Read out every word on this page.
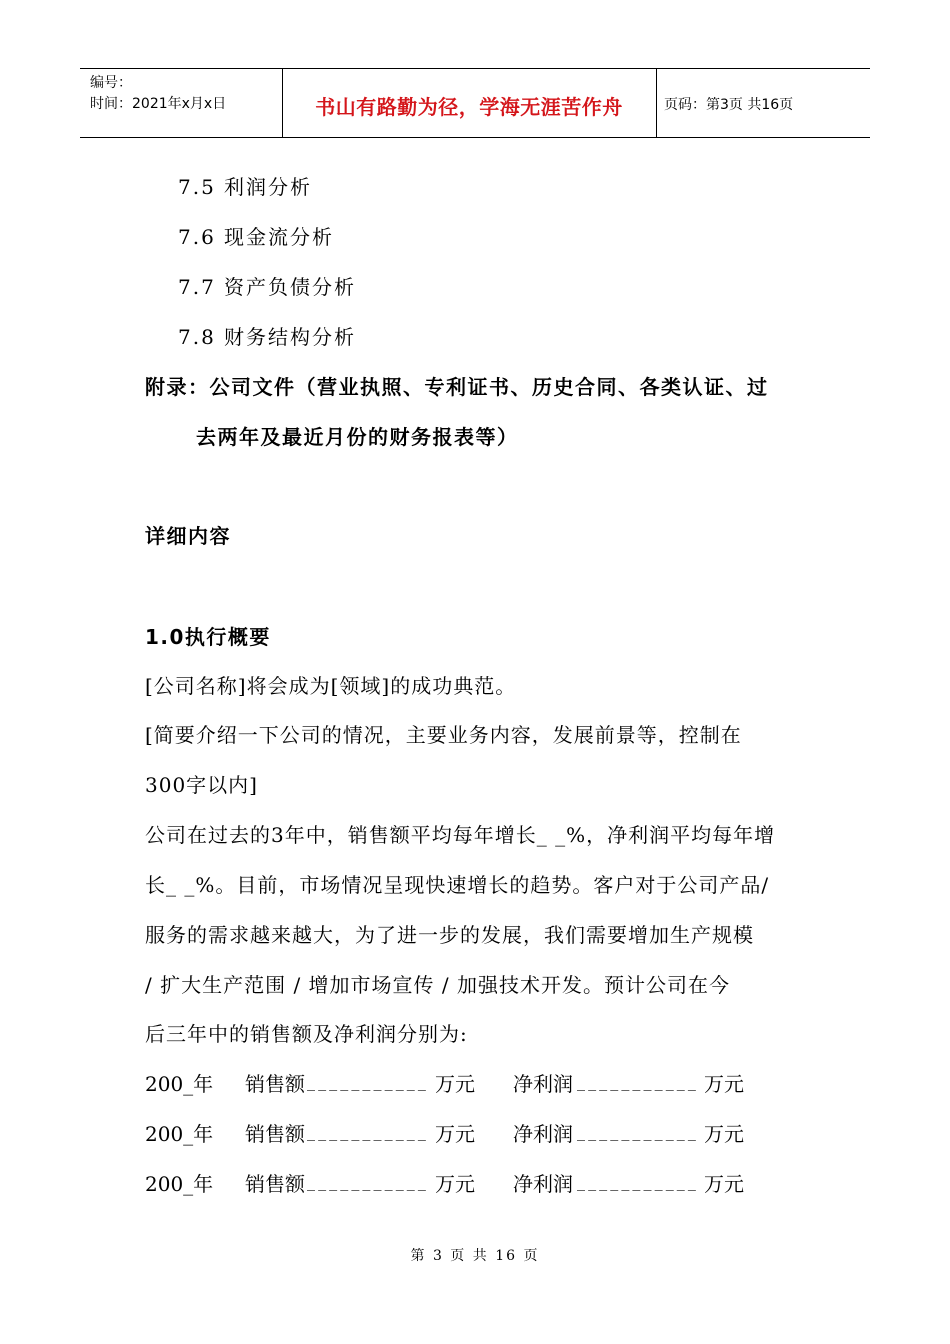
编号：
时间：2021年x月x日	书山有路勤为径，学海无涯苦作舟	页码：第3页 共16页
7.5 利润分析
7.6 现金流分析
7.7 资产负债分析
7.8 财务结构分析
附录：公司文件（营业执照、专利证书、历史合同、各类认证、过
去两年及最近月份的财务报表等）
详细内容
1.0执行概要
[公司名称]将会成为[领域]的成功典范。
[简要介绍一下公司的情况，主要业务内容，发展前景等，控制在
300字以内]
公司在过去的3年中，销售额平均每年增长_ _%，净利润平均每年增
长_ _%。目前，市场情况呈现快速增长的趋势。客户对于公司产品/
服务的需求越来越大，为了进一步的发展，我们需要增加生产规模
/ 扩大生产范围 / 增加市场宣传 / 加强技术开发。预计公司在今
后三年中的销售额及净利润分别为:
200_年 销售额 _ _ _ _ _ _ _ _ _ _ _ 万元 净利润 _ _ _ _ _ _ _ _ _ _ _ 万元
200_年 销售额 _ _ _ _ _ _ _ _ _ _ _ 万元 净利润 _ _ _ _ _ _ _ _ _ _ _ 万元
200_年 销售额 _ _ _ _ _ _ _ _ _ _ _ 万元 净利润 _ _ _ _ _ _ _ _ _ _ _ 万元
第 3 页 共 16 页
